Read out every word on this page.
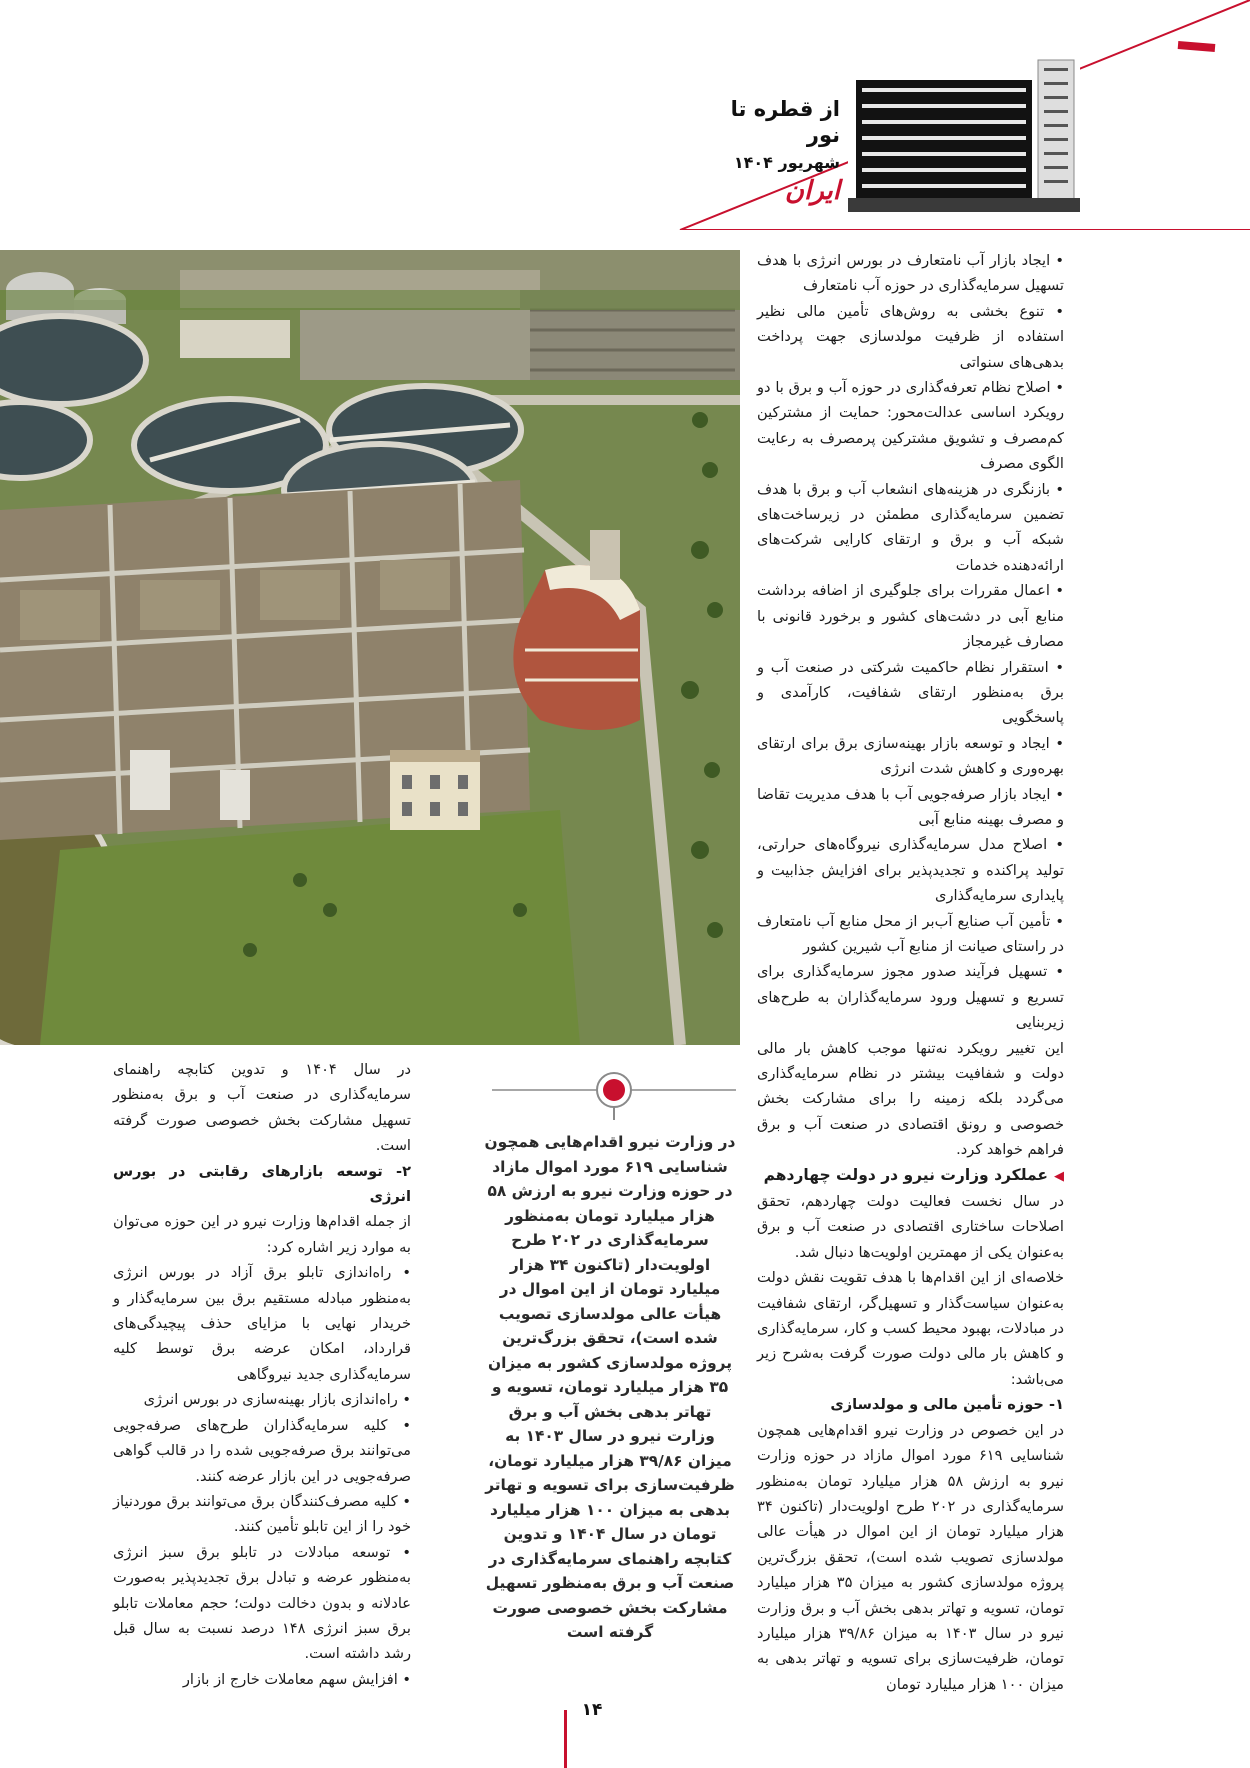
از قطره تا نور
شهریور ۱۴۰۴
ایران

• ایجاد بازار آب نامتعارف در بورس انرژی با هدف تسهیل سرمایه‌گذاری در حوزه آب نامتعارف

• تنوع بخشی به روش‌های تأمین مالی نظیر استفاده از ظرفیت مولدسازی جهت پرداخت بدهی‌های سنواتی

• اصلاح نظام تعرفه‌گذاری در حوزه آب و برق با دو رویکرد اساسی عدالت‌محور: حمایت از مشترکین کم‌مصرف و تشویق مشترکین پرمصرف به رعایت الگوی مصرف

• بازنگری در هزینه‌های انشعاب آب و برق با هدف تضمین سرمایه‌گذاری مطمئن در زیرساخت‌های شبکه آب و برق و ارتقای کارایی شرکت‌های ارائه‌دهنده خدمات

• اعمال مقررات برای جلوگیری از اضافه برداشت منابع آبی در دشت‌های کشور و برخورد قانونی با مصارف غیرمجاز

• استقرار نظام حاکمیت شرکتی در صنعت آب و برق به‌منظور ارتقای شفافیت، کارآمدی و پاسخگویی

• ایجاد و توسعه بازار بهینه‌سازی برق برای ارتقای بهره‌وری و کاهش شدت انرژی

• ایجاد بازار صرفه‌جویی آب با هدف مدیریت تقاضا و مصرف بهینه منابع آبی

• اصلاح مدل سرمایه‌گذاری نیروگاه‌های حرارتی، تولید پراکنده و تجدیدپذیر برای افزایش جذابیت و پایداری سرمایه‌گذاری

• تأمین آب صنایع آب‌بر از محل منابع آب نامتعارف در راستای صیانت از منابع آب شیرین کشور

• تسهیل فرآیند صدور مجوز سرمایه‌گذاری برای تسریع و تسهیل ورود سرمایه‌گذاران به طرح‌های زیربنایی

این تغییر رویکرد نه‌تنها موجب کاهش بار مالی دولت و شفافیت بیشتر در نظام سرمایه‌گذاری می‌گردد بلکه زمینه را برای مشارکت بخش خصوصی و رونق اقتصادی در صنعت آب و برق فراهم خواهد کرد.

◀عملکرد وزارت نیرو در دولت چهاردهم

در سال نخست فعالیت دولت چهاردهم، تحقق اصلاحات ساختاری اقتصادی در صنعت آب و برق به‌عنوان یکی از مهمترین اولویت‌ها دنبال شد.

خلاصه‌ای از این اقدام‌ها با هدف تقویت نقش دولت به‌عنوان سیاست‌گذار و تسهیل‌گر، ارتقای شفافیت در مبادلات، بهبود محیط کسب و کار، سرمایه‌گذاری و کاهش بار مالی دولت صورت گرفت به‌شرح زیر می‌باشد:

۱- حوزه تأمین مالی و مولدسازی

در این خصوص در وزارت نیرو اقدام‌هایی همچون شناسایی ۶۱۹ مورد اموال مازاد در حوزه وزارت نیرو به ارزش ۵۸ هزار میلیارد تومان به‌منظور سرمایه‌گذاری در ۲۰۲ طرح اولویت‌دار (تاکنون ۳۴ هزار میلیارد تومان از این اموال در هیأت عالی مولدسازی تصویب شده است)، تحقق بزرگ‌ترین پروژه مولدسازی کشور به میزان ۳۵ هزار میلیارد تومان، تسویه و تهاتر بدهی بخش آب و برق وزارت نیرو در سال ۱۴۰۳ به میزان ۳۹/۸۶ هزار میلیارد تومان، ظرفیت‌سازی برای تسویه و تهاتر بدهی به میزان ۱۰۰ هزار میلیارد تومان

در وزارت نیرو اقدام‌هایی همچون شناسایی ۶۱۹ مورد اموال مازاد در حوزه وزارت نیرو به ارزش ۵۸ هزار میلیارد تومان به‌منظور سرمایه‌گذاری در ۲۰۲ طرح اولویت‌دار (تاکنون ۳۴ هزار میلیارد تومان از این اموال در هیأت عالی مولدسازی تصویب شده است)، تحقق بزرگ‌ترین پروژه مولدسازی کشور به میزان ۳۵ هزار میلیارد تومان، تسویه و تهاتر بدهی بخش آب و برق وزارت نیرو در سال ۱۴۰۳ به میزان ۳۹/۸۶ هزار میلیارد تومان، ظرفیت‌سازی برای تسویه و تهاتر بدهی به میزان ۱۰۰ هزار میلیارد تومان در سال ۱۴۰۴ و تدوین کتابچه راهنمای سرمایه‌گذاری در صنعت آب و برق به‌منظور تسهیل مشارکت بخش خصوصی صورت گرفته است

در سال ۱۴۰۴ و تدوین کتابچه راهنمای سرمایه‌گذاری در صنعت آب و برق به‌منظور تسهیل مشارکت بخش خصوصی صورت گرفته است.

۲- توسعه بازارهای رقابتی در بورس انرژی

از جمله اقدام‌ها وزارت نیرو در این حوزه می‌توان به موارد زیر اشاره کرد:

• راه‌اندازی تابلو برق آزاد در بورس انرژی به‌منظور مبادله مستقیم برق بین سرمایه‌گذار و خریدار نهایی با مزایای حذف پیچیدگی‌های قرارداد، امکان عرضه برق توسط کلیه سرمایه‌گذاری جدید نیروگاهی

• راه‌اندازی بازار بهینه‌سازی در بورس انرژی

• کلیه سرمایه‌گذاران طرح‌های صرفه‌جویی می‌توانند برق صرفه‌جویی شده را در قالب گواهی صرفه‌جویی در این بازار عرضه کنند.

• کلیه مصرف‌کنندگان برق می‌توانند برق موردنیاز خود را از این تابلو تأمین کنند.

• توسعه مبادلات در تابلو برق سبز انرژی به‌منظور عرضه و تبادل برق تجدیدپذیر به‌صورت عادلانه و بدون دخالت دولت؛ حجم معاملات تابلو برق سبز انرژی ۱۴۸ درصد نسبت به سال قبل رشد داشته است.

• افزایش سهم معاملات خارج از بازار

۱۴
